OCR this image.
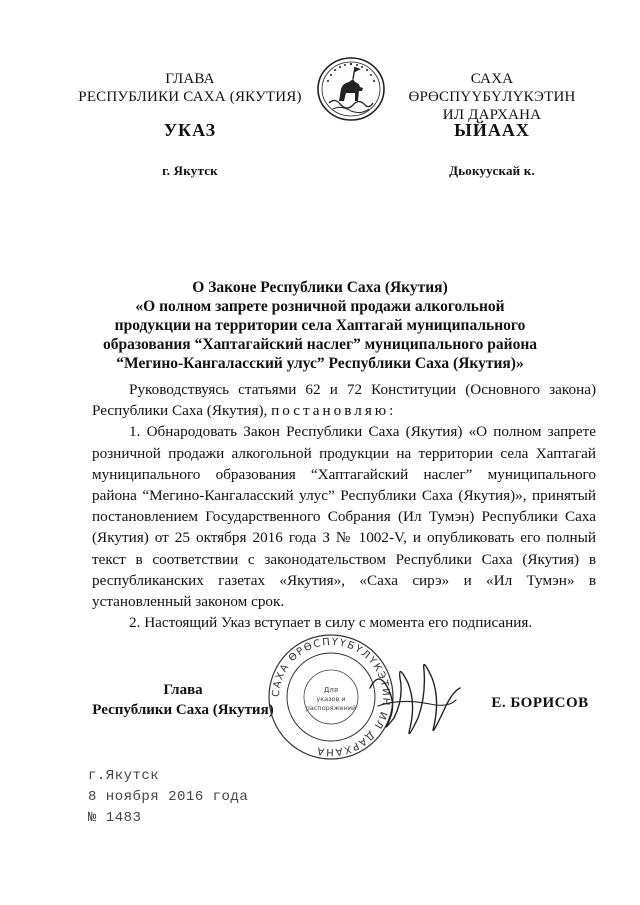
ГЛАВА
РЕСПУБЛИКИ САХА (ЯКУТИЯ)
УКАЗ
г. Якутск
САХА ӨРӨСПҮҮБҮЛҮКЭТИН
ИЛ ДАРХАНА
ЫЙААХ
Дьокуускай к.
О Законе Республики Саха (Якутия)
«О полном запрете розничной продажи алкогольной
продукции на территории села Хаптагай муниципального
образования “Хаптагайский наслег” муниципального района
“Мегино-Кангаласский улус” Республики Саха (Якутия)»

Руководствуясь статьями 62 и 72 Конституции (Основного закона) Республики Саха (Якутия), постановляю:

1. Обнародовать Закон Республики Саха (Якутия) «О полном запрете розничной продажи алкогольной продукции на территории села Хаптагай муниципального образования “Хаптагайский наслег” муниципального района “Мегино-Кангаласский улус” Республики Саха (Якутия)», принятый постановлением Государственного Собрания (Ил Тумэн) Республики Саха (Якутия) от 25 октября 2016 года З № 1002-V, и опубликовать его полный текст в соответствии с законодательством Республики Саха (Якутия) в республиканских газетах «Якутия», «Саха сирэ» и «Ил Тумэн» в установленный законом срок.

2. Настоящий Указ вступает в силу с момента его подписания.

Глава
Республики Саха (Якутия)
САХА ӨРӨСПҮҮБҮЛҮКЭТИН ИЛ ДАРХАНА
Для
указов и
распоряжений	Е. БОРИСОВ
г.Якутск
8 ноября 2016 года
№ 1483
